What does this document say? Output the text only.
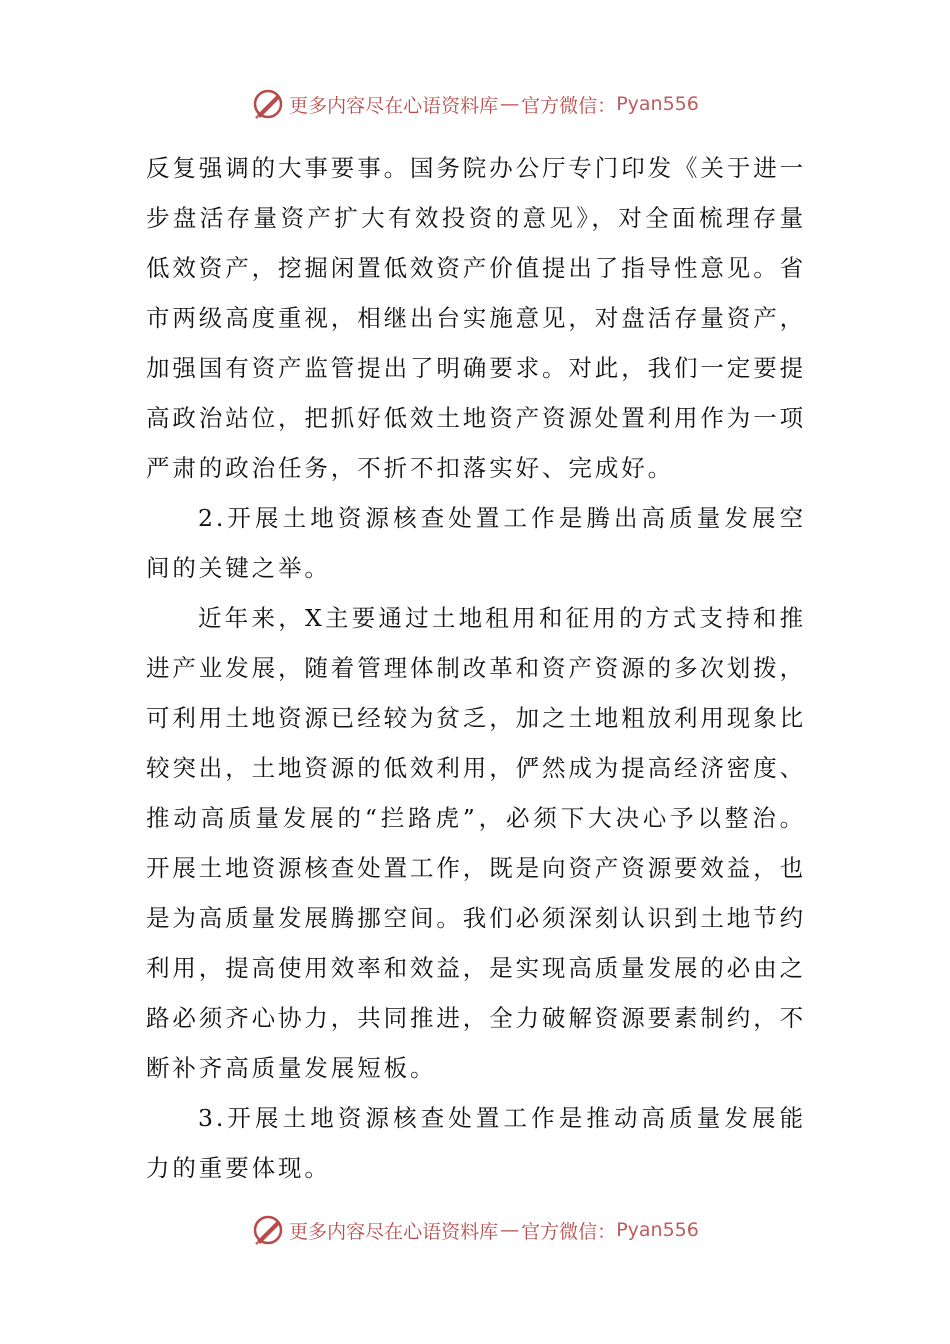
更多内容尽在心语资料库 — 官方微信： Pyan556

反复强调的大事要事。国务院办公厅专门印发《关于进一步盘活存量资产扩大有效投资的意见》，对全面梳理存量低效资产，挖掘闲置低效资产价值提出了指导性意见。省市两级高度重视，相继出台实施意见，对盘活存量资产，加强国有资产监管提出了明确要求。对此，我们一定要提高政治站位，把抓好低效土地资产资源处置利用作为一项严肃的政治任务，不折不扣落实好、完成好。

2.开展土地资源核查处置工作是腾出高质量发展空间的关键之举。

近年来，X主要通过土地租用和征用的方式支持和推进产业发展，随着管理体制改革和资产资源的多次划拨，可利用土地资源已经较为贫乏，加之土地粗放利用现象比较突出，土地资源的低效利用，俨然成为提高经济密度、推动高质量发展的“拦路虎”，必须下大决心予以整治。开展土地资源核查处置工作，既是向资产资源要效益，也是为高质量发展腾挪空间。我们必须深刻认识到土地节约利用，提高使用效率和效益，是实现高质量发展的必由之路必须齐心协力，共同推进，全力破解资源要素制约，不断补齐高质量发展短板。

3.开展土地资源核查处置工作是推动高质量发展能力的重要体现。

更多内容尽在心语资料库 — 官方微信： Pyan556
